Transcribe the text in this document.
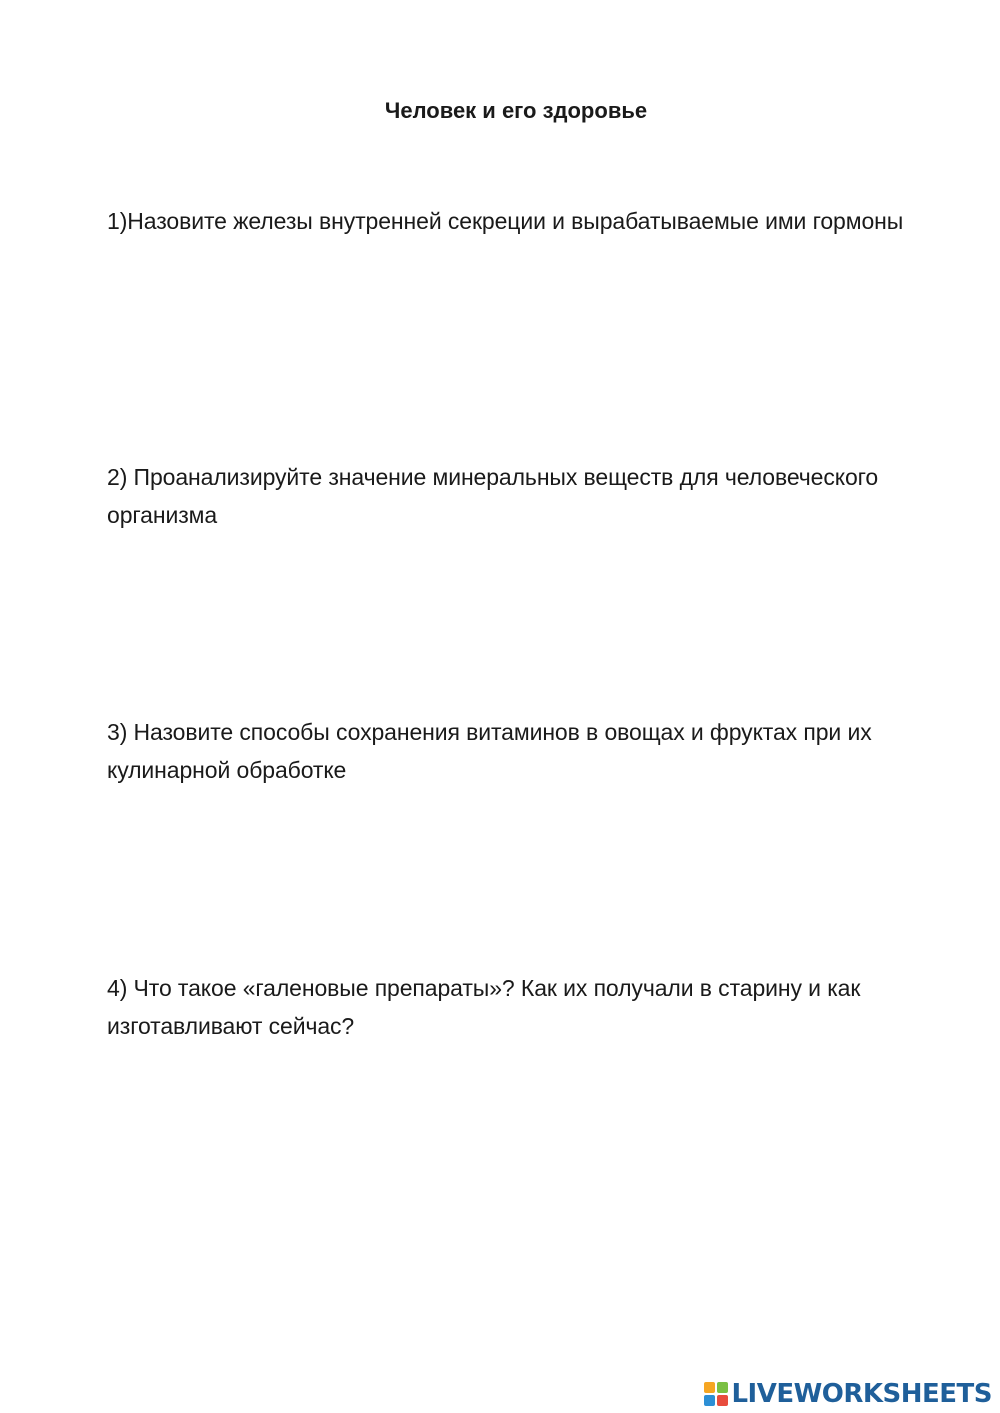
Человек и его здоровье
1)Назовите железы внутренней секреции и вырабатываемые ими гормоны
2) Проанализируйте значение минеральных веществ для человеческого организма
3) Назовите способы сохранения витаминов в овощах и фруктах при их кулинарной обработке
4) Что такое «галеновые препараты»? Как их получали в старину и как изготавливают сейчас?
LIVEWORKSHEETS
